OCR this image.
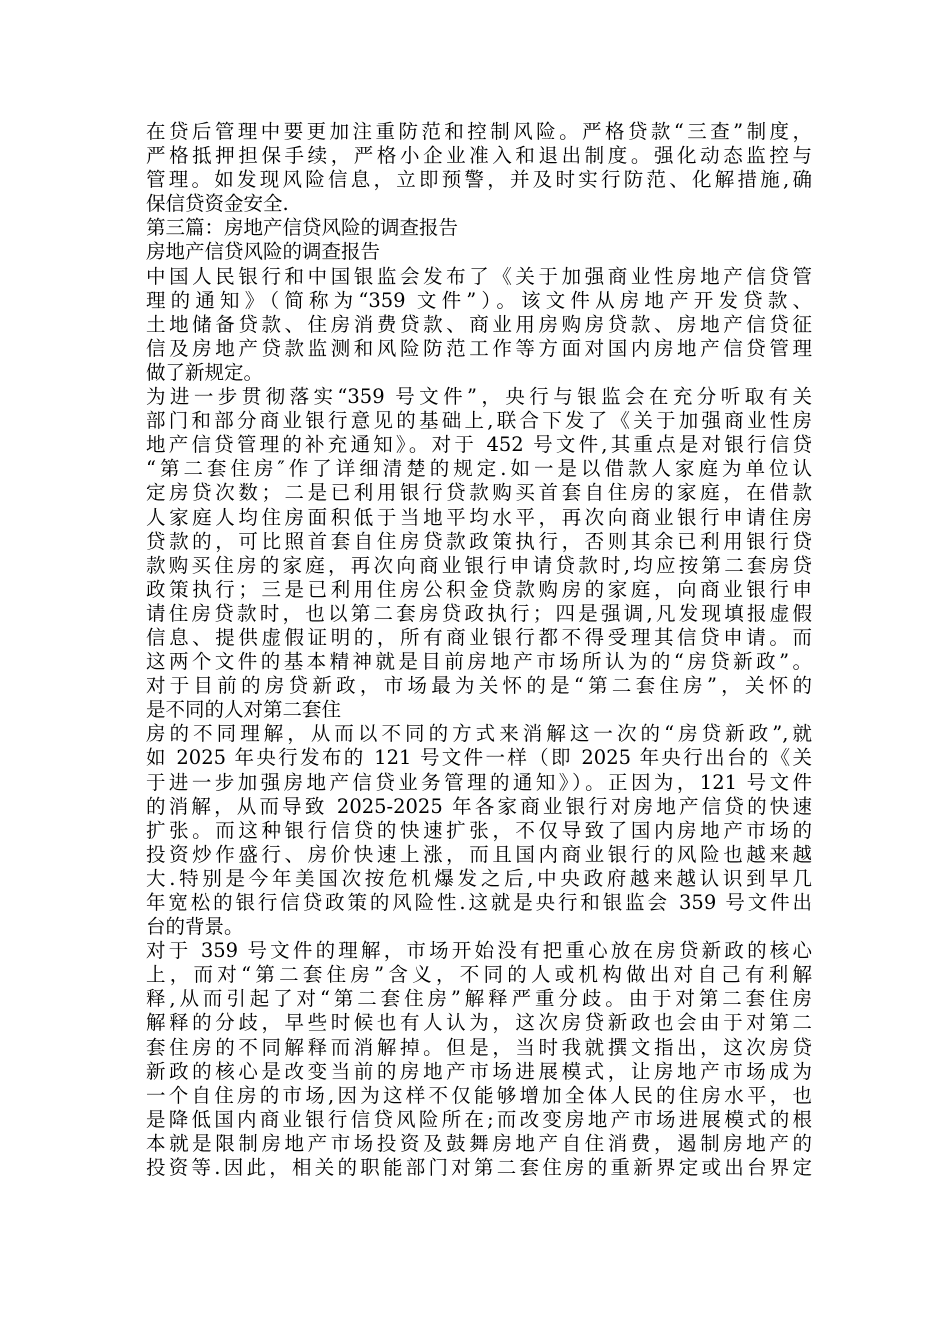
在贷后管理中要更加注重防范和控制风险。严格贷款“三查”制度，
严格抵押担保手续，严格小企业准入和退出制度。强化动态监控与
管理。如发现风险信息，立即预警，并及时实行防范、化解措施,确
保信贷资金安全.
第三篇：房地产信贷风险的调查报告
房地产信贷风险的调查报告
中国人民银行和中国银监会发布了《关于加强商业性房地产信贷管
理的通知》（简称为“359 文件”）。该文件从房地产开发贷款、
土地储备贷款、住房消费贷款、商业用房购房贷款、房地产信贷征
信及房地产贷款监测和风险防范工作等方面对国内房地产信贷管理
做了新规定。
为进一步贯彻落实“359 号文件”，央行与银监会在充分听取有关
部门和部分商业银行意见的基础上,联合下发了《关于加强商业性房
地产信贷管理的补充通知》。对于 452 号文件,其重点是对银行信贷
“第二套住房″作了详细清楚的规定.如一是以借款人家庭为单位认
定房贷次数；二是已利用银行贷款购买首套自住房的家庭，在借款
人家庭人均住房面积低于当地平均水平，再次向商业银行申请住房
贷款的，可比照首套自住房贷款政策执行，否则其余已利用银行贷
款购买住房的家庭，再次向商业银行申请贷款时,均应按第二套房贷
政策执行；三是已利用住房公积金贷款购房的家庭，向商业银行申
请住房贷款时，也以第二套房贷政执行；四是强调,凡发现填报虚假
信息、提供虚假证明的，所有商业银行都不得受理其信贷申请。而
这两个文件的基本精神就是目前房地产市场所认为的“房贷新政”。
对于目前的房贷新政，市场最为关怀的是“第二套住房”，关怀的
是不同的人对第二套住
房的不同理解，从而以不同的方式来消解这一次的“房贷新政”,就
如 2025 年央行发布的 121 号文件一样（即 2025 年央行出台的《关
于进一步加强房地产信贷业务管理的通知》）。正因为，121 号文件
的消解，从而导致 2025-2025 年各家商业银行对房地产信贷的快速
扩张。而这种银行信贷的快速扩张，不仅导致了国内房地产市场的
投资炒作盛行、房价快速上涨，而且国内商业银行的风险也越来越
大.特别是今年美国次按危机爆发之后,中央政府越来越认识到早几
年宽松的银行信贷政策的风险性.这就是央行和银监会 359 号文件出
台的背景。
对于 359 号文件的理解，市场开始没有把重心放在房贷新政的核心
上，而对“第二套住房”含义，不同的人或机构做出对自己有利解
释,从而引起了对“第二套住房”解释严重分歧。由于对第二套住房
解释的分歧，早些时候也有人认为，这次房贷新政也会由于对第二
套住房的不同解释而消解掉。但是，当时我就撰文指出，这次房贷
新政的核心是改变当前的房地产市场进展模式，让房地产市场成为
一个自住房的市场,因为这样不仅能够增加全体人民的住房水平，也
是降低国内商业银行信贷风险所在;而改变房地产市场进展模式的根
本就是限制房地产市场投资及鼓舞房地产自住消费，遏制房地产的
投资等.因此，相关的职能部门对第二套住房的重新界定或出台界定
